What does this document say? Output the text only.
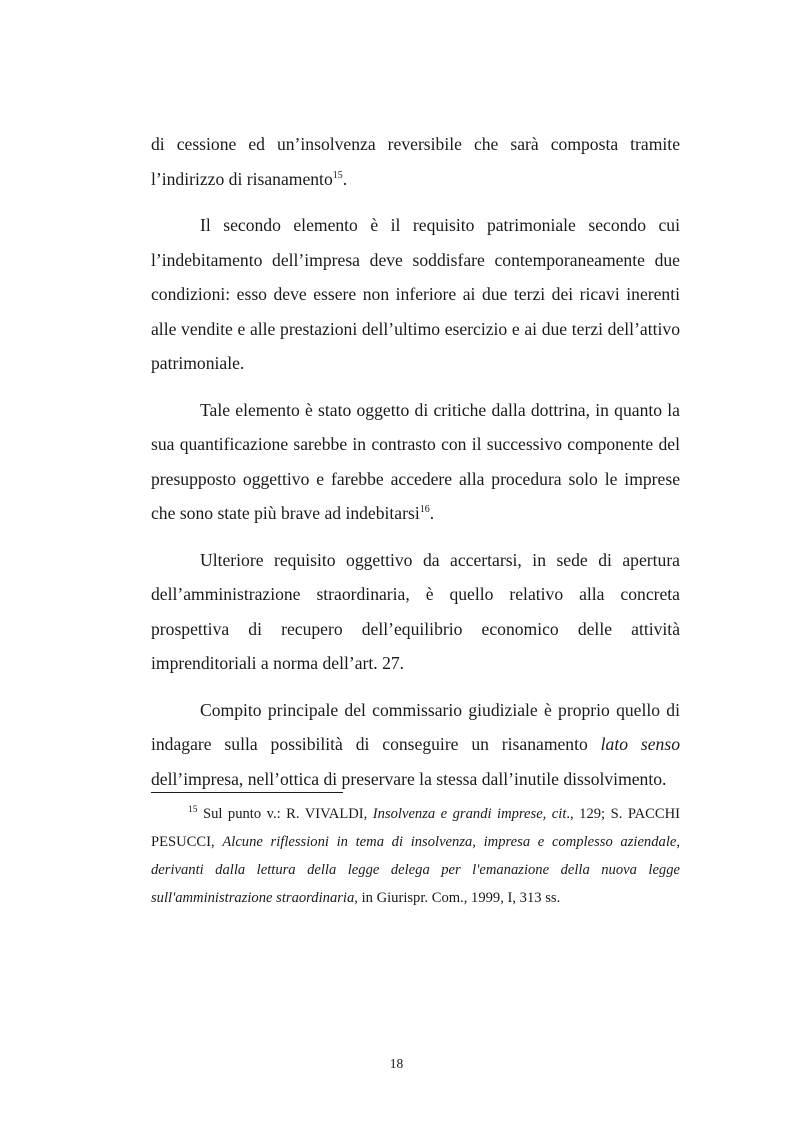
di cessione ed un’insolvenza reversibile che sarà composta tramite l’indirizzo di risanamento$^{15}$.

Il secondo elemento è il requisito patrimoniale secondo cui l’indebitamento dell’impresa deve soddisfare contemporaneamente due condizioni: esso deve essere non inferiore ai due terzi dei ricavi inerenti alle vendite e alle prestazioni dell’ultimo esercizio e ai due terzi dell’attivo patrimoniale.

Tale elemento è stato oggetto di critiche dalla dottrina, in quanto la sua quantificazione sarebbe in contrasto con il successivo componente del presupposto oggettivo e farebbe accedere alla procedura solo le imprese che sono state più brave ad indebitarsi$^{16}$.

Ulteriore requisito oggettivo da accertarsi, in sede di apertura dell’amministrazione straordinaria, è quello relativo alla concreta prospettiva di recupero dell’equilibrio economico delle attività imprenditoriali a norma dell’art. 27.

Compito principale del commissario giudiziale è proprio quello di indagare sulla possibilità di conseguire un risanamento lato senso dell’impresa, nell’ottica di preservare la stessa dall’inutile dissolvimento.

$^{15}$ Sul punto v.: R. VIVALDI, Insolvenza e grandi imprese, cit., 129; S. PACCHI PESUCCI, Alcune riflessioni in tema di insolvenza, impresa e complesso aziendale, derivanti dalla lettura della legge delega per l'emanazione della nuova legge sull'amministrazione straordinaria, in Giurispr. Com., 1999, I, 313 ss.

18
